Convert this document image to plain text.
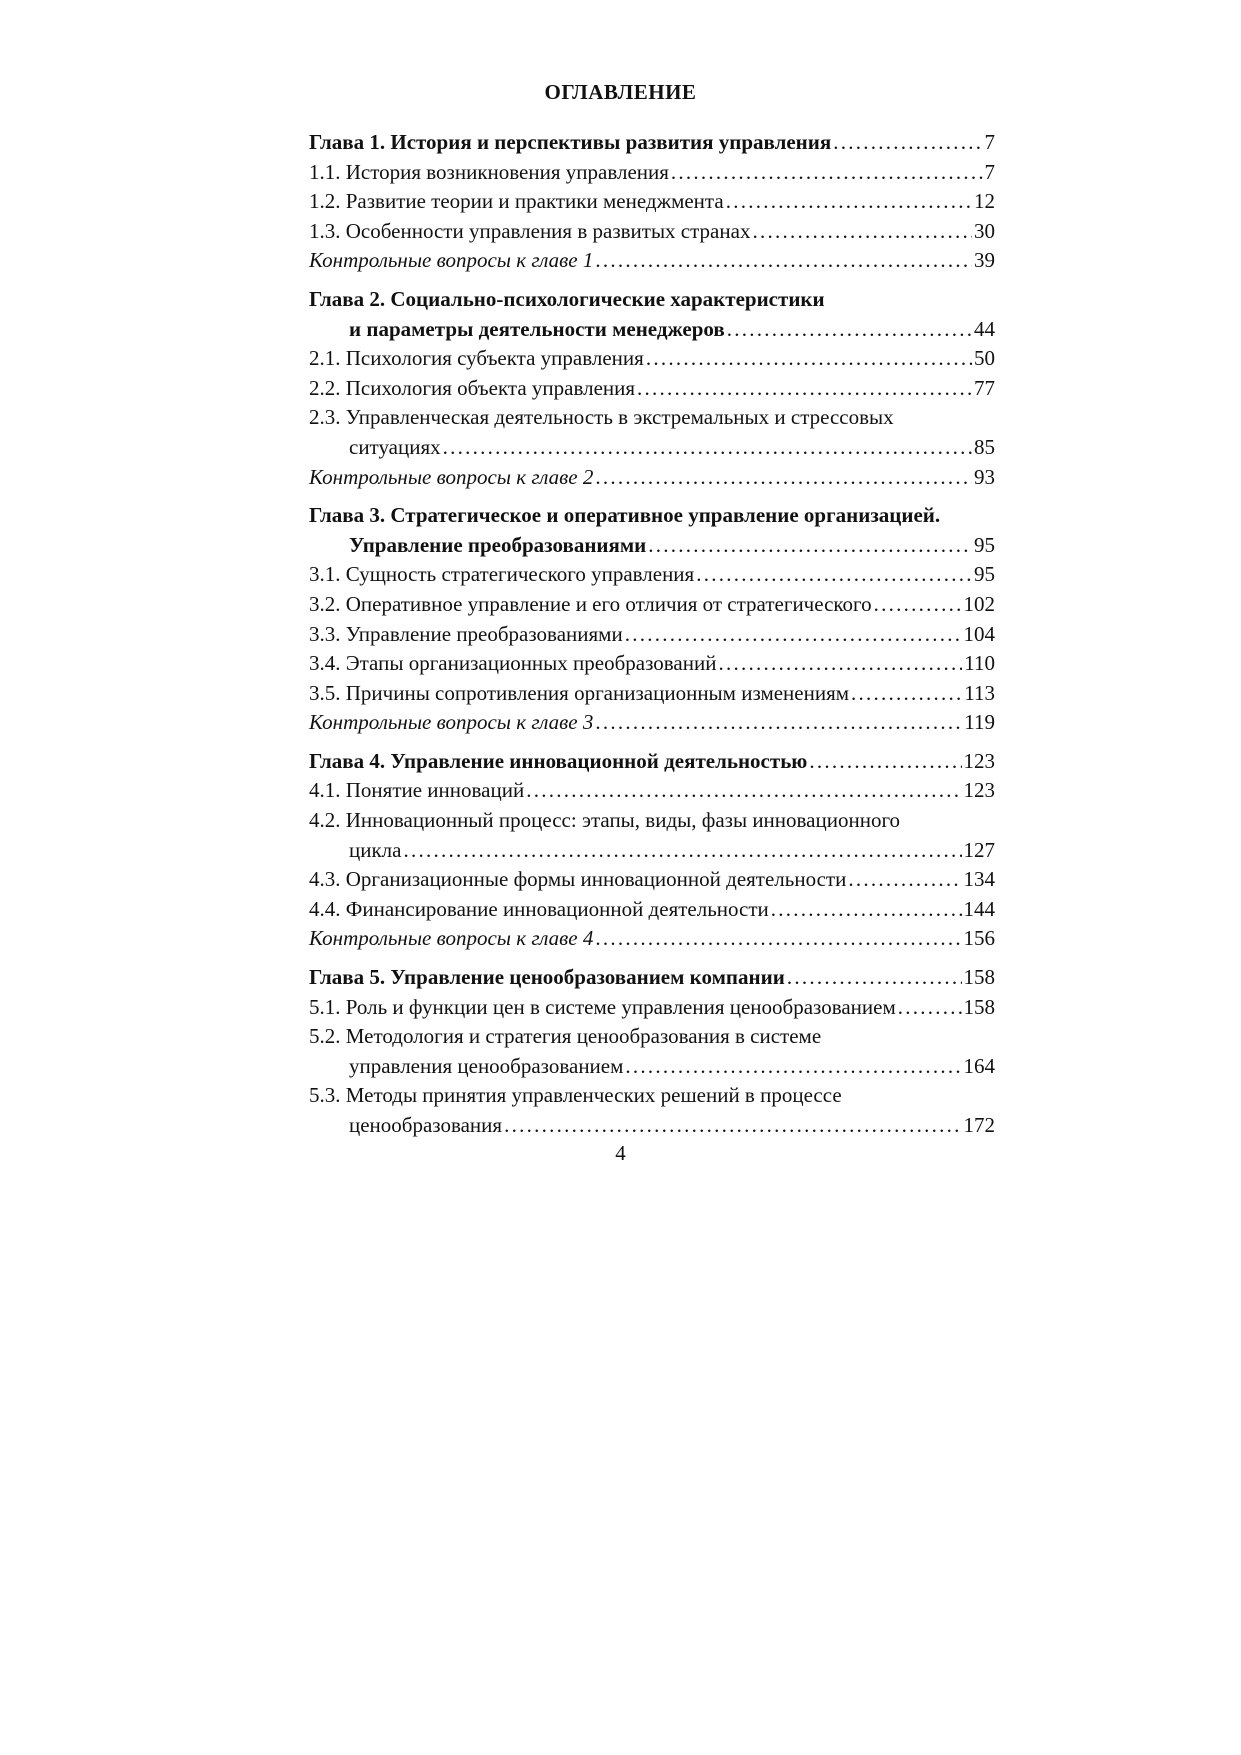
ОГЛАВЛЕНИЕ
Глава 1. История и перспективы развития управления . . .	7
1.1. История возникновения управления . . .	7
1.2. Развитие теории и практики менеджмента . . .	12
1.3. Особенности управления в развитых странах . . .	30
Контрольные вопросы к главе 1 . . .	39
Глава 2. Социально-психологические характеристики
и параметры деятельности менеджеров . . .	44
2.1. Психология субъекта управления . . .	50
2.2. Психология объекта управления . . .	77
2.3. Управленческая деятельность в экстремальных и стрессовых
ситуациях . . .	85
Контрольные вопросы к главе 2 . . .	93
Глава 3. Стратегическое и оперативное управление организацией.
Управление преобразованиями . . .	95
3.1. Сущность стратегического управления . . .	95
3.2. Оперативное управление и его отличия от стратегического . . .	102
3.3. Управление преобразованиями . . .	104
3.4. Этапы организационных преобразований . . .	110
3.5. Причины сопротивления организационным изменениям . . .	113
Контрольные вопросы к главе 3 . . .	119
Глава 4. Управление инновационной деятельностью . . .	123
4.1. Понятие инноваций . . .	123
4.2. Инновационный процесс: этапы, виды, фазы инновационного
цикла . . .	127
4.3. Организационные формы инновационной деятельности . . .	134
4.4. Финансирование инновационной деятельности . . .	144
Контрольные вопросы к главе 4 . . .	156
Глава 5. Управление ценообразованием компании . . .	158
5.1. Роль и функции цен в системе управления ценообразованием . . .	158
5.2. Методология и стратегия ценообразования в системе
управления ценообразованием . . .	164
5.3. Методы принятия управленческих решений в процессе
ценообразования . . .	172
4
